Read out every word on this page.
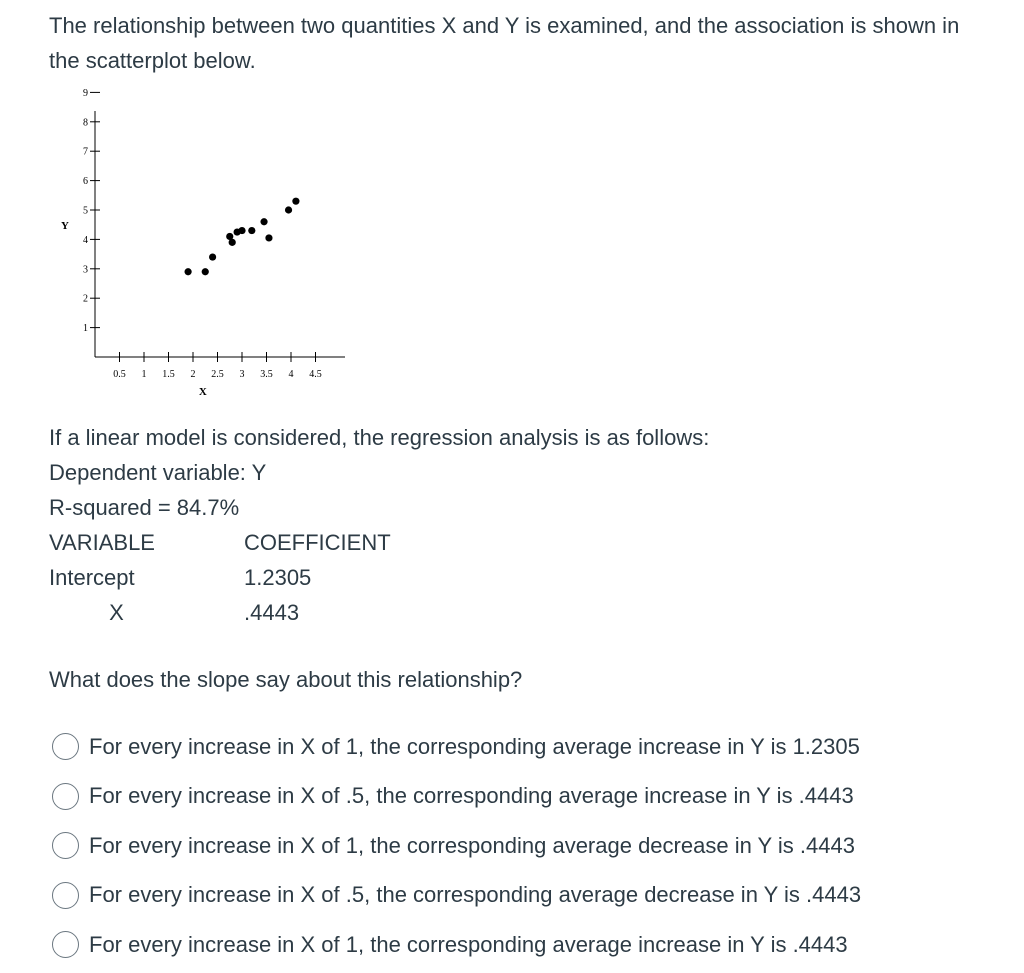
The relationship between two quantities X and Y is examined, and the association is shown in the scatterplot below.

0.5 1 1.5 2 2.5 3 3.5 4 4.5
1
2
3
4
5
6
7
8
9
X
Y

If a linear model is considered, the regression analysis is as follows:

Dependent variable: Y

R-squared = 84.7%

VARIABLE	COEFFICIENT
Intercept	1.2305
X	.4443

What does the slope say about this relationship?

For every increase in X of 1, the corresponding average increase in Y is 1.2305
For every increase in X of .5, the corresponding average increase in Y is .4443
For every increase in X of 1, the corresponding average decrease in Y is .4443
For every increase in X of .5, the corresponding average decrease in Y is .4443
For every increase in X of 1, the corresponding average increase in Y is .4443
